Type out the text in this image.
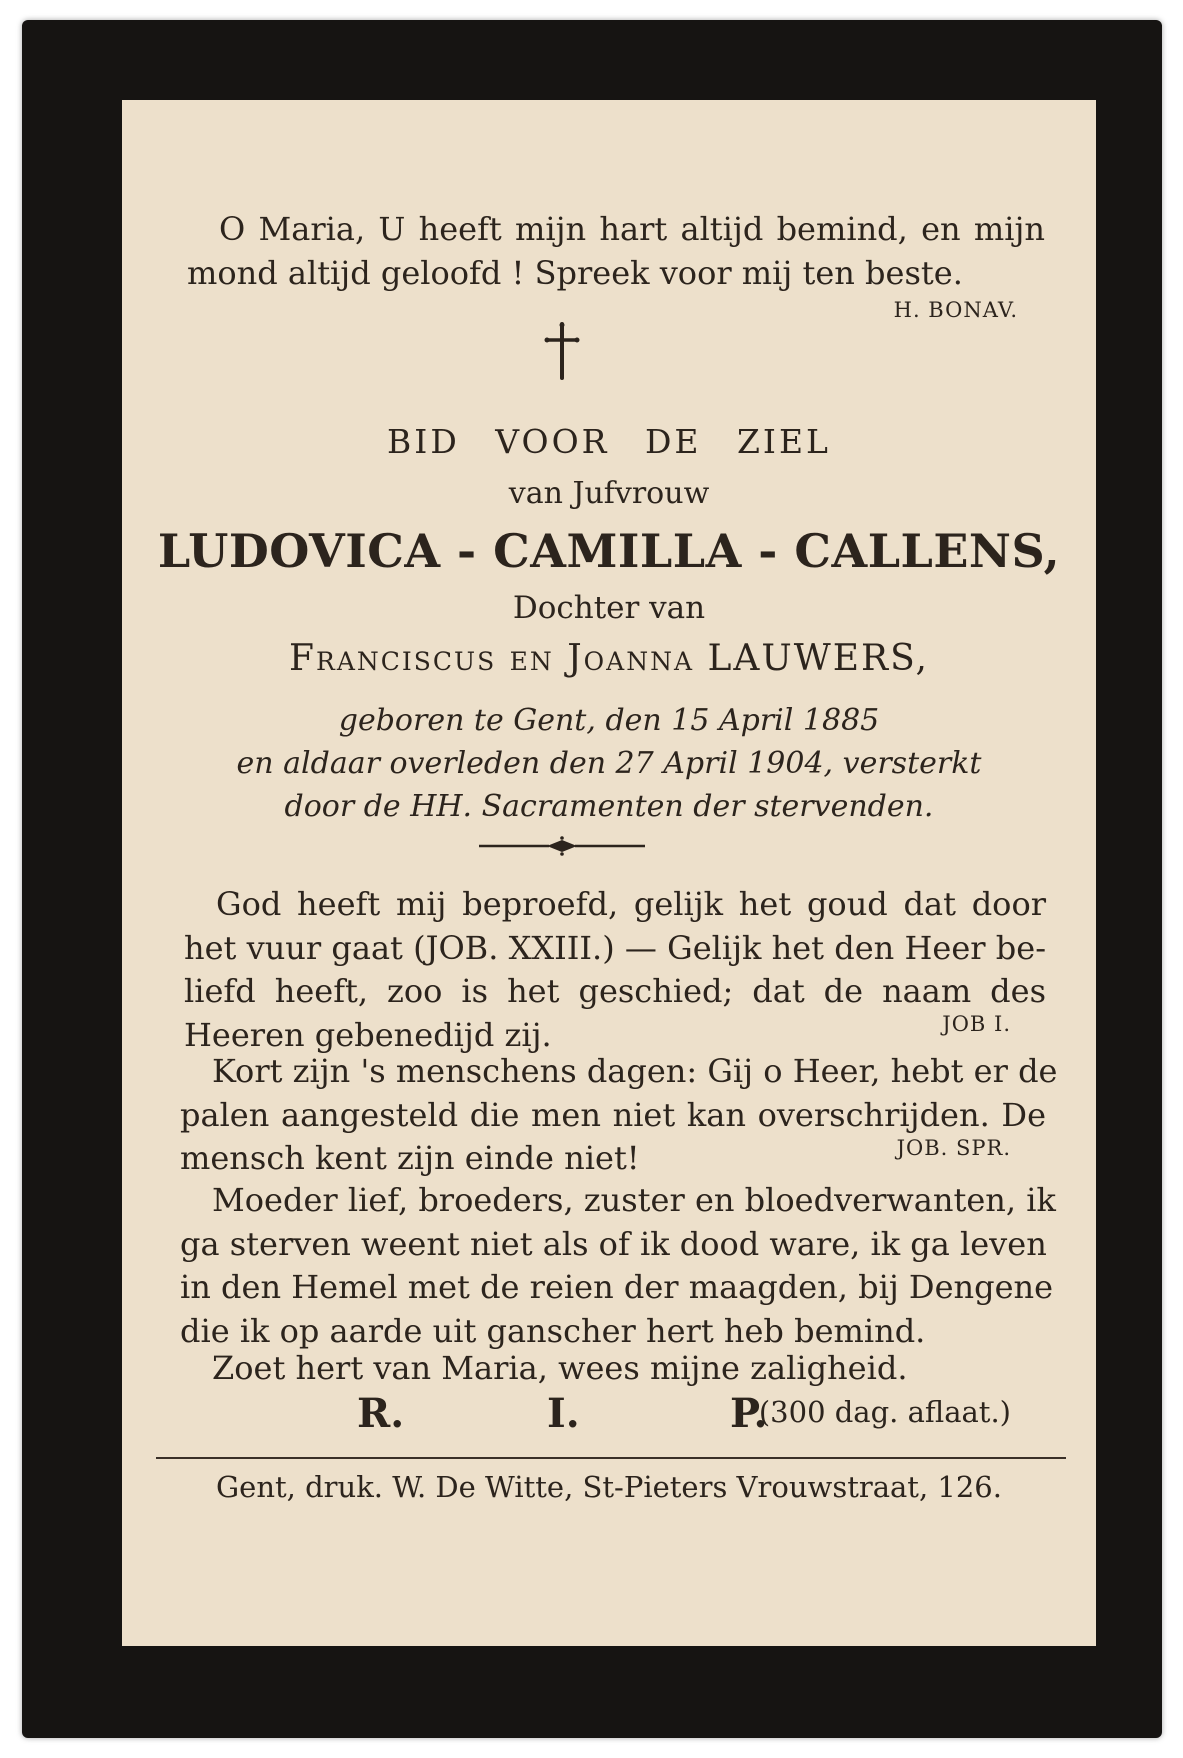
O Maria, U heeft mijn hart altijd bemind, en mijn
mond altijd geloofd ! Spreek voor mij ten beste.
H. BONAV.
BID VOOR DE ZIEL
van Jufvrouw
LUDOVICA - CAMILLA - CALLENS,
Dochter van
Franciscus en Joanna LAUWERS,
geboren te Gent, den 15 April 1885
en aldaar overleden den 27 April 1904, versterkt
door de HH. Sacramenten der stervenden.
God heeft mij beproefd, gelijk het goud dat door
het vuur gaat (JOB. XXIII.) — Gelijk het den Heer be-
liefd heeft, zoo is het geschied; dat de naam des
Heeren gebenedijd zij.	JOB I.
Kort zijn 's menschens dagen: Gij o Heer, hebt er de
palen aangesteld die men niet kan overschrijden. De
mensch kent zijn einde niet!	JOB. SPR.
Moeder lief, broeders, zuster en bloedverwanten, ik
ga sterven weent niet als of ik dood ware, ik ga leven
in den Hemel met de reien der maagden, bij Dengene
die ik op aarde uit ganscher hert heb bemind.
Zoet hert van Maria, wees mijne zaligheid.
(300 dag. aflaat.)
R.	I.	P.
Gent, druk. W. De Witte, St-Pieters Vrouwstraat, 126.
